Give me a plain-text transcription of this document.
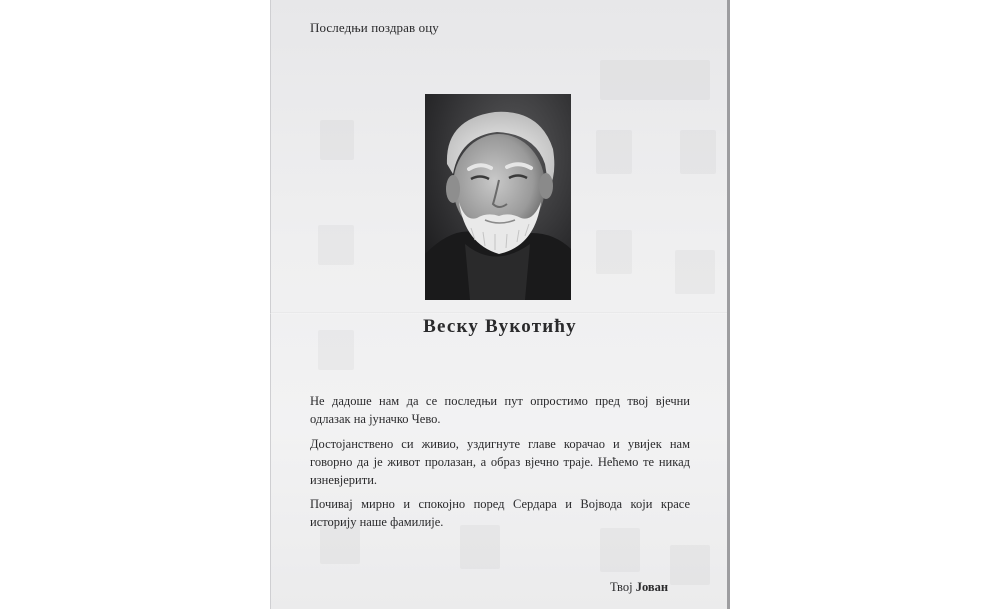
Последњи поздрав оцу
Веску Вукотићу
Не дадоше нам да се последњи пут опростимо пред твој вјечни одлазак на јуначко Чево.
Достојанствено си живио, уздигнуте главе корачао и увијек нам говорно да је живот пролазан, а образ вјечно траје. Нећемо те никад изневјерити.
Почивај мирно и спокојно поред Сердара и Војвода који красе историју наше фамилије.
Твој Јован
